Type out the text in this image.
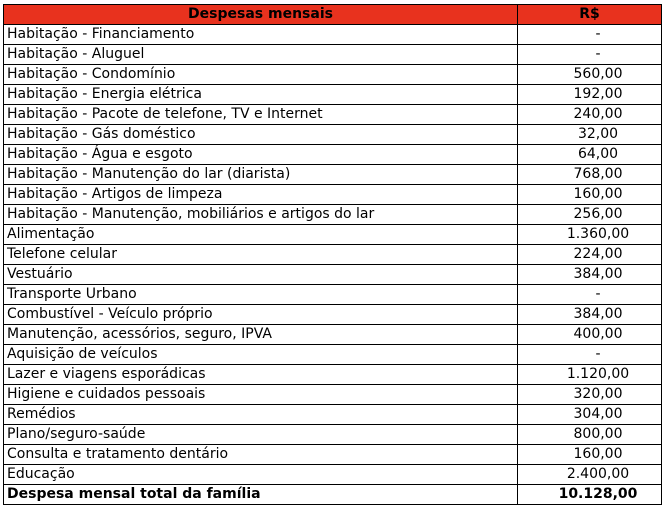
Despesas mensais	R$
Habitação - Financiamento	-
Habitação - Aluguel	-
Habitação - Condomínio	560,00
Habitação - Energia elétrica	192,00
Habitação - Pacote de telefone, TV e Internet	240,00
Habitação - Gás doméstico	32,00
Habitação - Água e esgoto	64,00
Habitação - Manutenção do lar (diarista)	768,00
Habitação - Artigos de limpeza	160,00
Habitação - Manutenção, mobiliários e artigos do lar	256,00
Alimentação	1.360,00
Telefone celular	224,00
Vestuário	384,00
Transporte Urbano	-
Combustível - Veículo próprio	384,00
Manutenção, acessórios, seguro, IPVA	400,00
Aquisição de veículos	-
Lazer e viagens esporádicas	1.120,00
Higiene e cuidados pessoais	320,00
Remédios	304,00
Plano/seguro-saúde	800,00
Consulta e tratamento dentário	160,00
Educação	2.400,00
Despesa mensal total da família	10.128,00
